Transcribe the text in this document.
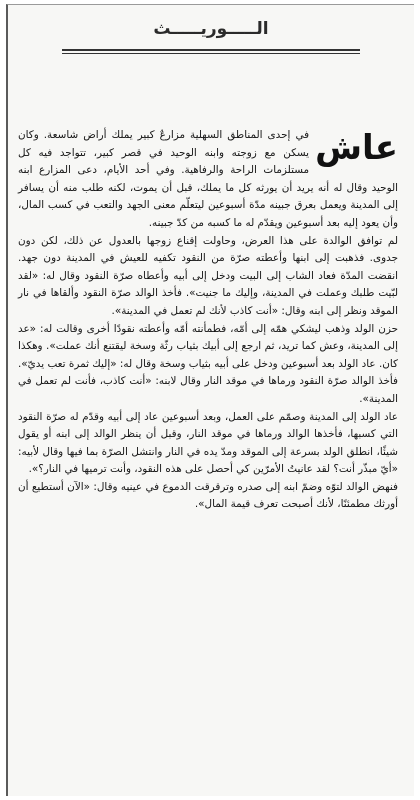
الـــــوريـــــث

عاش
في إحدى المناطق السهلية مزارعٌ كبير يملك أراض شاسعة. وكان يسكن مع زوجته وابنه الوحيد في قصر كبير، تتواجد فيه كل مستلزمات الراحة والرفاهية. وفي أحد الأيام، دعى المزارع ابنه الوحيد وقال له أنه يريد أن يورثه كل ما يملك، قبل أن يموت، لكنه طلب منه أن يسافر إلى المدينة ويعمل بعرق جبينه مدّة أسبوعين ليتعلّم معنى الجهد والتعب في كسب المال، وأن يعود إليه بعد أسبوعين ويقدّم له ما كسبه من كدّ جبينه.

لم توافق الوالدة على هذا العرض، وحاولت إقناع زوجها بالعدول عن ذلك، لكن دون جدوى. فذهبت إلى ابنها وأعطته صرّة من النقود تكفيه للعيش في المدينة دون جهد. انقضت المدّة فعاد الشاب إلى البيت ودخل إلى أبيه وأعطاه صرّة النقود وقال له: «لقد لبّيت طلبك وعملت في المدينة، وإليك ما جنيت». فأخذ الوالد صرّة النقود وألقاها في نار الموقد ونظر إلى ابنه وقال: «أنت كاذب لأنك لم تعمل في المدينة».

حزن الولد وذهب ليشكي همّه إلى أمّه، فطمأنته أمّه وأعطته نقودًا أخرى وقالت له: «عد إلى المدينة، وعش كما تريد، ثم ارجع إلى أبيك بثياب رثّة وسخة ليقتنع أنك عملت». وهكذا كان. عاد الولد بعد أسبوعين ودخل على أبيه بثياب وسخة وقال له: «إليك ثمرة تعب يديّ». فأخذ الوالد صرّة النقود ورماها في موقد النار وقال لابنه: «أنت كاذب، فأنت لم تعمل في المدينة».

عاد الولد إلى المدينة وصمّم على العمل، وبعد أسبوعين عاد إلى أبيه وقدّم له صرّة النقود التي كسبها، فأخذها الوالد ورماها في موقد النار، وقبل أن ينظر الوالد إلى ابنه أو يقول شيئًا، انطلق الولد بسرعة إلى الموقد ومدّ يده في النار وانتشل الصرّة بما فيها وقال لأبيه: «أيّ مبذّر أنت؟ لقد عانيتُ الأمرّين كي أحصل على هذه النقود، وأنت ترميها في النار؟».

فنهض الوالد لتوّه وضمّ ابنه إلى صدره وترقرقت الدموع في عينيه وقال: «الآن أستطيع أن أورثك مطمئنًا، لأنك أصبحت تعرف قيمة المال».
